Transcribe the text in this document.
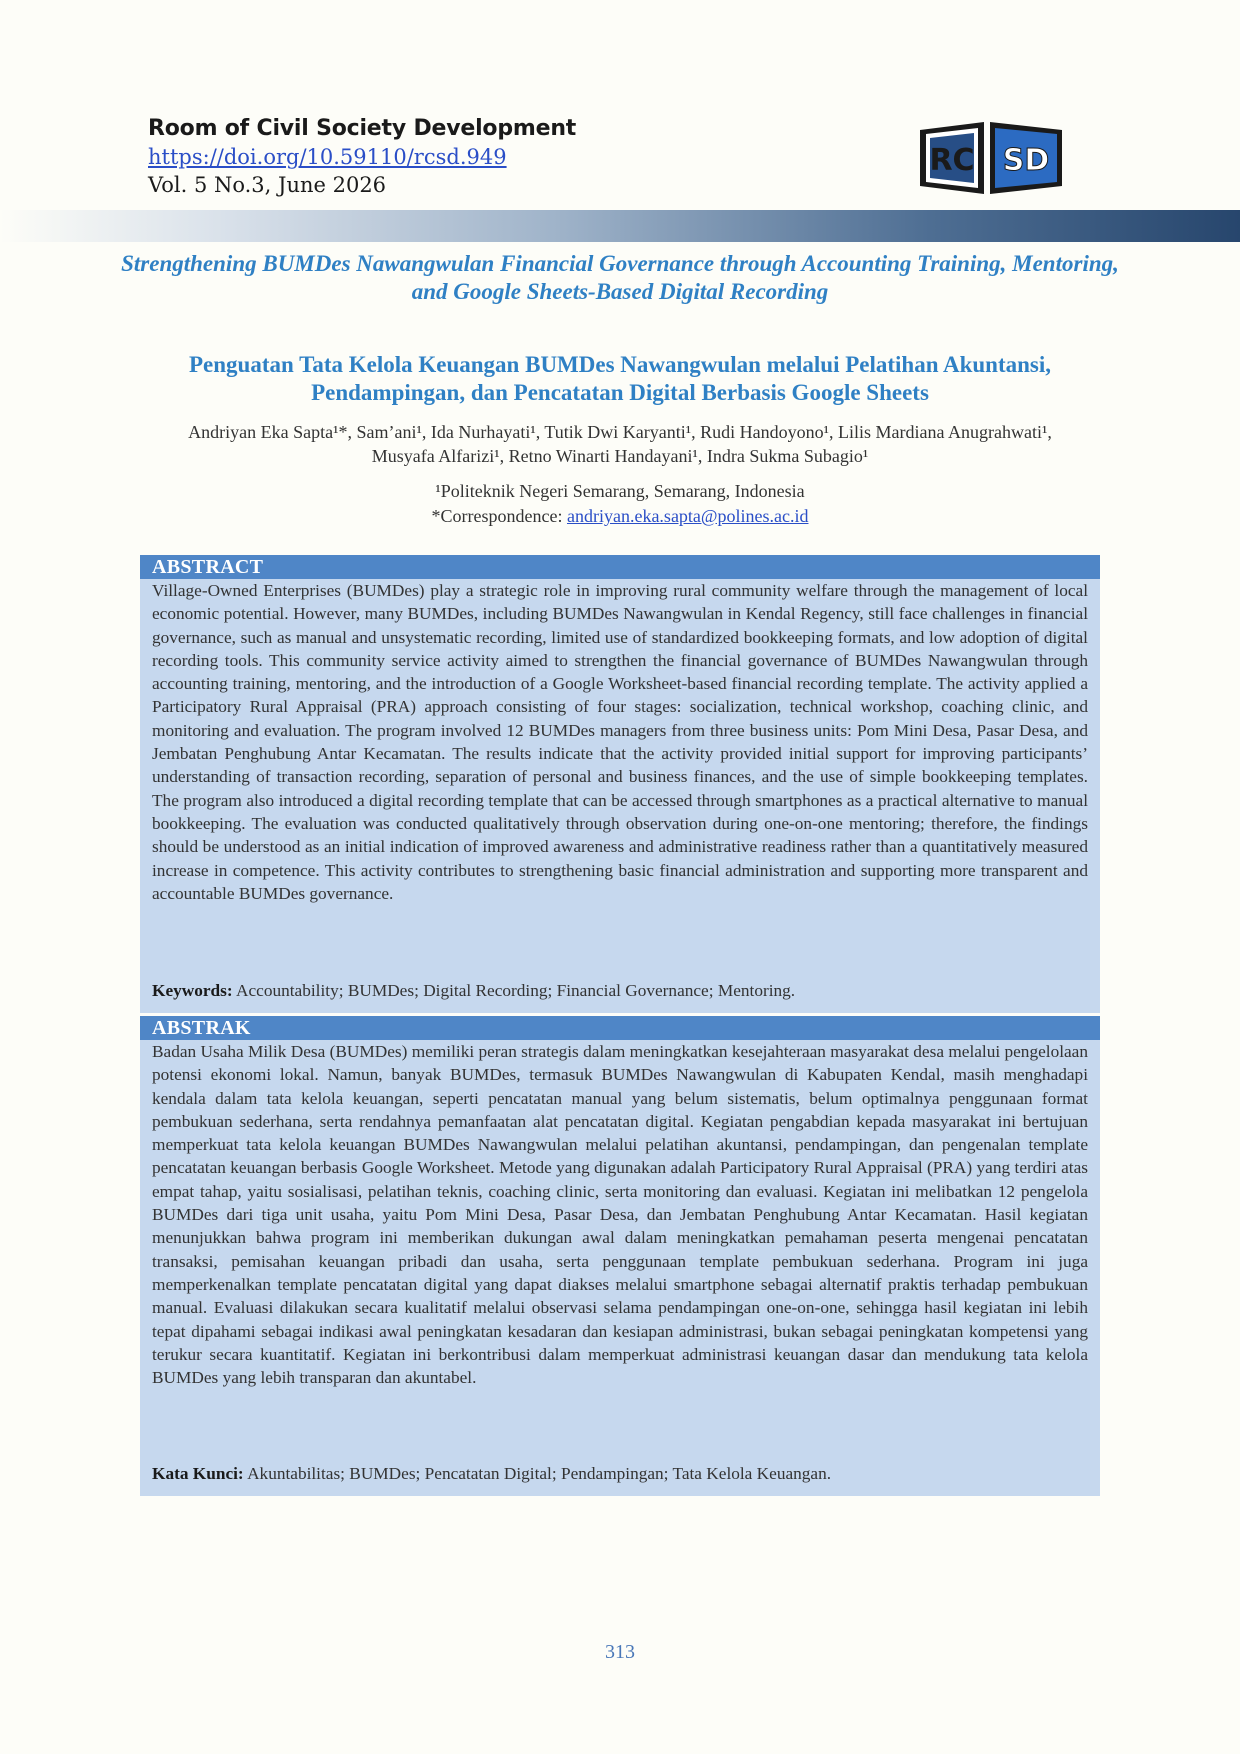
Room of Civil Society Development
https://doi.org/10.59110/rcsd.949
Vol. 5 No.3, June 2026
RC SD
Strengthening BUMDes Nawangwulan Financial Governance through Accounting Training, Mentoring, and Google Sheets-Based Digital Recording
Penguatan Tata Kelola Keuangan BUMDes Nawangwulan melalui Pelatihan Akuntansi, Pendampingan, dan Pencatatan Digital Berbasis Google Sheets
Andriyan Eka Sapta¹*, Sam’ani¹, Ida Nurhayati¹, Tutik Dwi Karyanti¹, Rudi Handoyono¹, Lilis Mardiana Anugrahwati¹, Musyafa Alfarizi¹, Retno Winarti Handayani¹, Indra Sukma Subagio¹
¹Politeknik Negeri Semarang, Semarang, Indonesia
*Correspondence: andriyan.eka.sapta@polines.ac.id
ABSTRACT
Village-Owned Enterprises (BUMDes) play a strategic role in improving rural community welfare through the management of local economic potential. However, many BUMDes, including BUMDes Nawangwulan in Kendal Regency, still face challenges in financial governance, such as manual and unsystematic recording, limited use of standardized bookkeeping formats, and low adoption of digital recording tools. This community service activity aimed to strengthen the financial governance of BUMDes Nawangwulan through accounting training, mentoring, and the introduction of a Google Worksheet-based financial recording template. The activity applied a Participatory Rural Appraisal (PRA) approach consisting of four stages: socialization, technical workshop, coaching clinic, and monitoring and evaluation. The program involved 12 BUMDes managers from three business units: Pom Mini Desa, Pasar Desa, and Jembatan Penghubung Antar Kecamatan. The results indicate that the activity provided initial support for improving participants’ understanding of transaction recording, separation of personal and business finances, and the use of simple bookkeeping templates. The program also introduced a digital recording template that can be accessed through smartphones as a practical alternative to manual bookkeeping. The evaluation was conducted qualitatively through observation during one-on-one mentoring; therefore, the findings should be understood as an initial indication of improved awareness and administrative readiness rather than a quantitatively measured increase in competence. This activity contributes to strengthening basic financial administration and supporting more transparent and accountable BUMDes governance.
Keywords: Accountability; BUMDes; Digital Recording; Financial Governance; Mentoring.
ABSTRAK
Badan Usaha Milik Desa (BUMDes) memiliki peran strategis dalam meningkatkan kesejahteraan masyarakat desa melalui pengelolaan potensi ekonomi lokal. Namun, banyak BUMDes, termasuk BUMDes Nawangwulan di Kabupaten Kendal, masih menghadapi kendala dalam tata kelola keuangan, seperti pencatatan manual yang belum sistematis, belum optimalnya penggunaan format pembukuan sederhana, serta rendahnya pemanfaatan alat pencatatan digital. Kegiatan pengabdian kepada masyarakat ini bertujuan memperkuat tata kelola keuangan BUMDes Nawangwulan melalui pelatihan akuntansi, pendampingan, dan pengenalan template pencatatan keuangan berbasis Google Worksheet. Metode yang digunakan adalah Participatory Rural Appraisal (PRA) yang terdiri atas empat tahap, yaitu sosialisasi, pelatihan teknis, coaching clinic, serta monitoring dan evaluasi. Kegiatan ini melibatkan 12 pengelola BUMDes dari tiga unit usaha, yaitu Pom Mini Desa, Pasar Desa, dan Jembatan Penghubung Antar Kecamatan. Hasil kegiatan menunjukkan bahwa program ini memberikan dukungan awal dalam meningkatkan pemahaman peserta mengenai pencatatan transaksi, pemisahan keuangan pribadi dan usaha, serta penggunaan template pembukuan sederhana. Program ini juga memperkenalkan template pencatatan digital yang dapat diakses melalui smartphone sebagai alternatif praktis terhadap pembukuan manual. Evaluasi dilakukan secara kualitatif melalui observasi selama pendampingan one-on-one, sehingga hasil kegiatan ini lebih tepat dipahami sebagai indikasi awal peningkatan kesadaran dan kesiapan administrasi, bukan sebagai peningkatan kompetensi yang terukur secara kuantitatif. Kegiatan ini berkontribusi dalam memperkuat administrasi keuangan dasar dan mendukung tata kelola BUMDes yang lebih transparan dan akuntabel.
Kata Kunci: Akuntabilitas; BUMDes; Pencatatan Digital; Pendampingan; Tata Kelola Keuangan.
313
